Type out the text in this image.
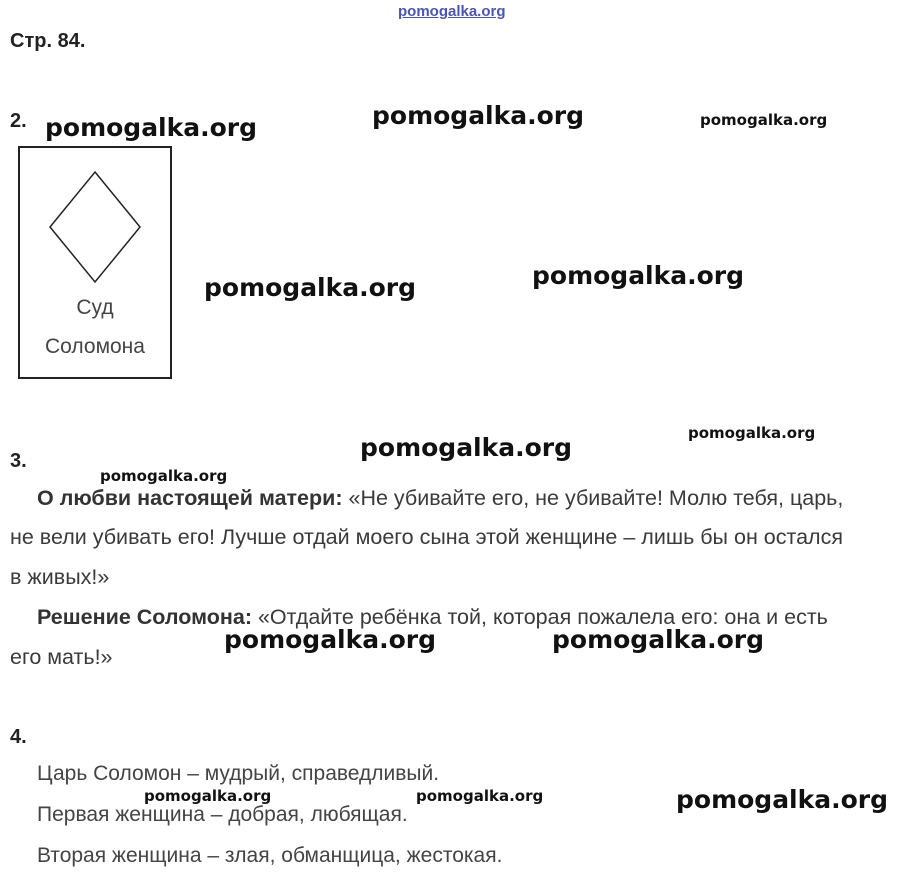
pomogalka.org
Стр. 84.
2.
Суд
Соломона
3.
О любви настоящей матери: «Не убивайте его, не убивайте! Молю тебя, царь,
не вели убивать его! Лучше отдай моего сына этой женщине – лишь бы он остался
в живых!»
Решение Соломона: «Отдайте ребёнка той, которая пожалела его: она и есть
его мать!»
4.
Царь Соломон – мудрый, справедливый.
Первая женщина – добрая, любящая.
Вторая женщина – злая, обманщица, жестокая.
pomogalka.org	pomogalka.org	pomogalka.org
pomogalka.org	pomogalka.org
pomogalka.org	pomogalka.org
pomogalka.org
pomogalka.org	pomogalka.org
pomogalka.org	pomogalka.org	pomogalka.org
